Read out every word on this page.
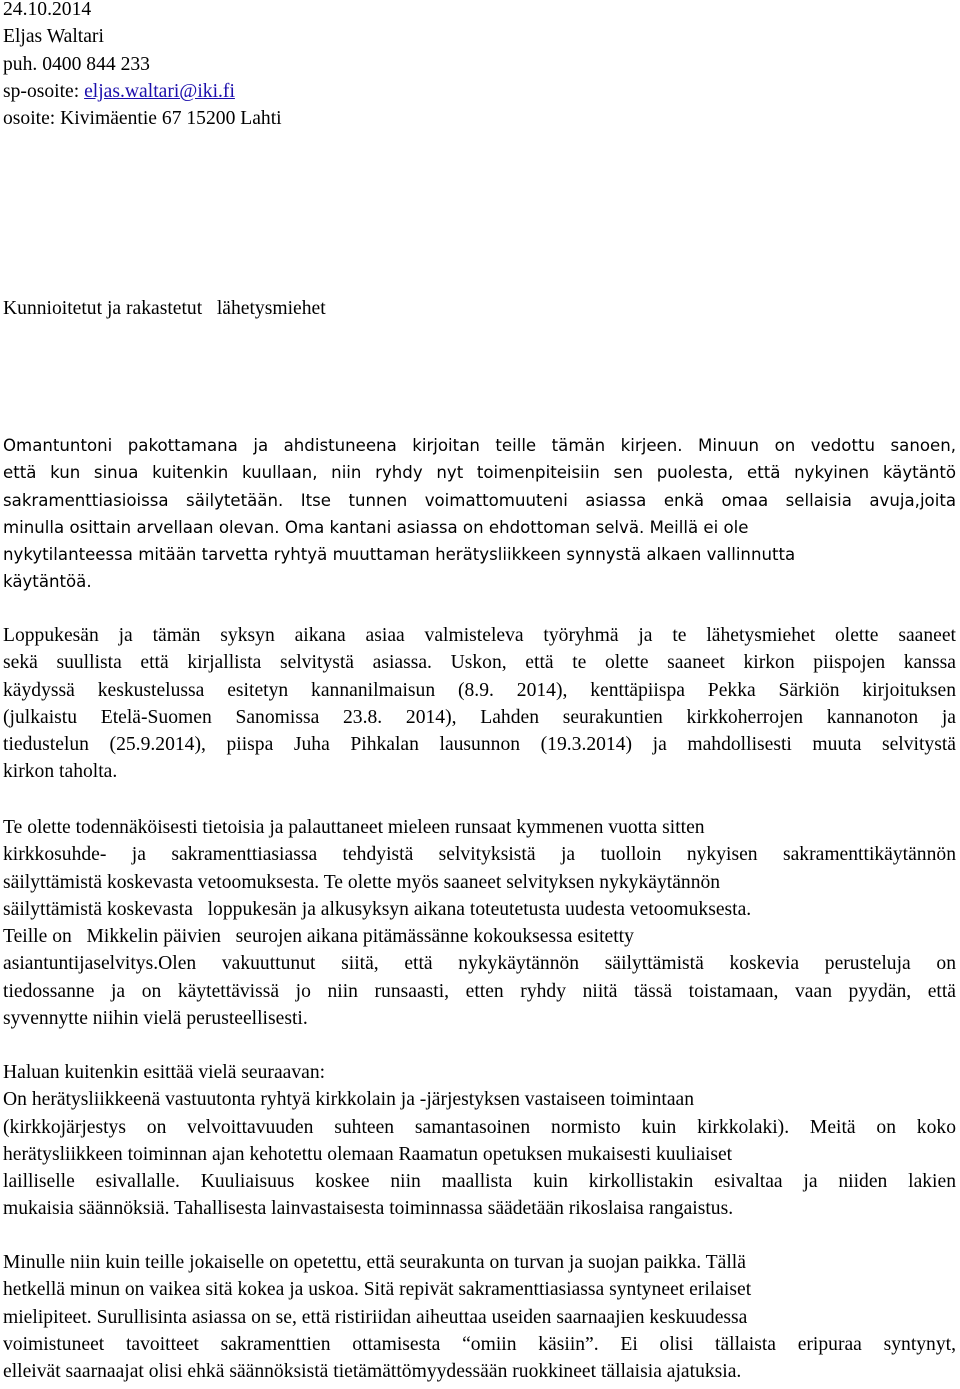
24.10.2014
Eljas Waltari
puh. 0400 844 233
sp-osoite: eljas.waltari@iki.fi
osoite: Kivimäentie 67 15200 Lahti
Kunnioitetut ja rakastetut   lähetysmiehet
Omantuntoni pakottamana ja ahdistuneena kirjoitan teille tämän kirjeen. Minuun on vedottu sanoen,
että kun sinua kuitenkin kuullaan, niin ryhdy nyt toimenpiteisiin sen puolesta, että nykyinen käytäntö
sakramenttiasioissa säilytetään. Itse tunnen voimattomuuteni asiassa enkä omaa sellaisia avuja,joita
minulla osittain arvellaan olevan. Oma kantani asiassa on ehdottoman selvä. Meillä ei ole
nykytilanteessa mitään tarvetta ryhtyä muuttaman herätysliikkeen synnystä alkaen vallinnutta
käytäntöä.
Loppukesän ja tämän syksyn aikana asiaa valmisteleva työryhmä ja te lähetysmiehet olette saaneet
sekä suullista että kirjallista selvitystä asiassa. Uskon, että te olette saaneet kirkon piispojen kanssa
käydyssä keskustelussa esitetyn kannanilmaisun (8.9. 2014), kenttäpiispa Pekka Särkiön kirjoituksen
(julkaistu Etelä-Suomen Sanomissa 23.8. 2014), Lahden seurakuntien kirkkoherrojen kannanoton ja
tiedustelun (25.9.2014), piispa Juha Pihkalan lausunnon (19.3.2014) ja mahdollisesti muuta selvitystä
kirkon taholta.
Te olette todennäköisesti tietoisia ja palauttaneet mieleen runsaat kymmenen vuotta sitten
kirkkosuhde- ja sakramenttiasiassa tehdyistä selvityksistä ja tuolloin nykyisen sakramenttikäytännön
säilyttämistä koskevasta vetoomuksesta. Te olette myös saaneet selvityksen nykykäytännön
säilyttämistä koskevasta   loppukesän ja alkusyksyn aikana toteutetusta uudesta vetoomuksesta.
Teille on   Mikkelin päivien   seurojen aikana pitämässänne kokouksessa esitetty
asiantuntijaselvitys.Olen vakuuttunut siitä, että nykykäytännön säilyttämistä koskevia perusteluja on
tiedossanne ja on käytettävissä jo niin runsaasti, etten ryhdy niitä tässä toistamaan, vaan pyydän, että
syvennytte niihin vielä perusteellisesti.
Haluan kuitenkin esittää vielä seuraavan:
On herätysliikkeenä vastuutonta ryhtyä kirkkolain ja -järjestyksen vastaiseen toimintaan
(kirkkojärjestys on velvoittavuuden suhteen samantasoinen normisto kuin kirkkolaki). Meitä on koko
herätysliikkeen toiminnan ajan kehotettu olemaan Raamatun opetuksen mukaisesti kuuliaiset
lailliselle esivallalle. Kuuliaisuus koskee niin maallista kuin kirkollistakin esivaltaa ja niiden lakien
mukaisia säännöksiä. Tahallisesta lainvastaisesta toiminnassa säädetään rikoslaisa rangaistus.
Minulle niin kuin teille jokaiselle on opetettu, että seurakunta on turvan ja suojan paikka. Tällä
hetkellä minun on vaikea sitä kokea ja uskoa. Sitä repivät sakramenttiasiassa syntyneet erilaiset
mielipiteet. Surullisinta asiassa on se, että ristiriidan aiheuttaa useiden saarnaajien keskuudessa
voimistuneet tavoitteet sakramenttien ottamisesta “omiin käsiin”. Ei olisi tällaista eripuraa syntynyt,
elleivät saarnaajat olisi ehkä säännöksistä tietämättömyydessään ruokkineet tällaisia ajatuksia.
